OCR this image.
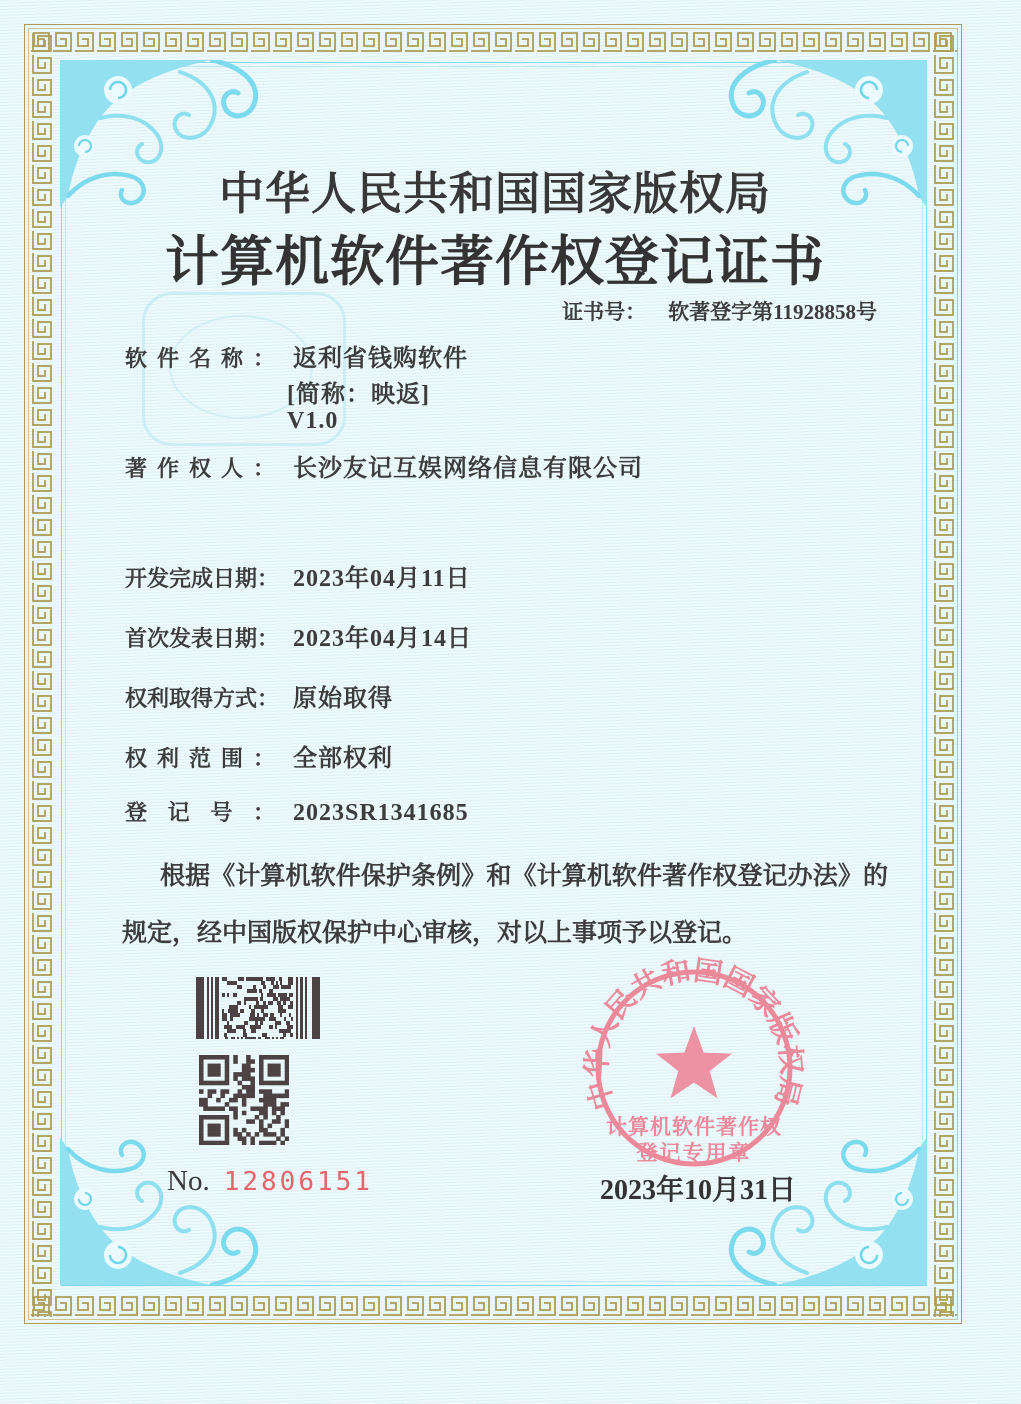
中华人民共和国国家版权局
计算机软件著作权登记证书
证书号： 软著登字第11928858号
软件名称： 返利省钱购软件
[简称：映返]
V1.0
著作权人： 长沙友记互娱网络信息有限公司
开发完成日期： 2023年04月11日
首次发表日期： 2023年04月14日
权利取得方式： 原始取得
权利范围： 全部权利
登记号： 2023SR1341685
根据《计算机软件保护条例》和《计算机软件著作权登记办法》的规定，经中国版权保护中心审核，对以上事项予以登记。
No. 12806151
中华人民共和国国家版权局
计算机软件著作权
登记专用章
2023年10月31日
